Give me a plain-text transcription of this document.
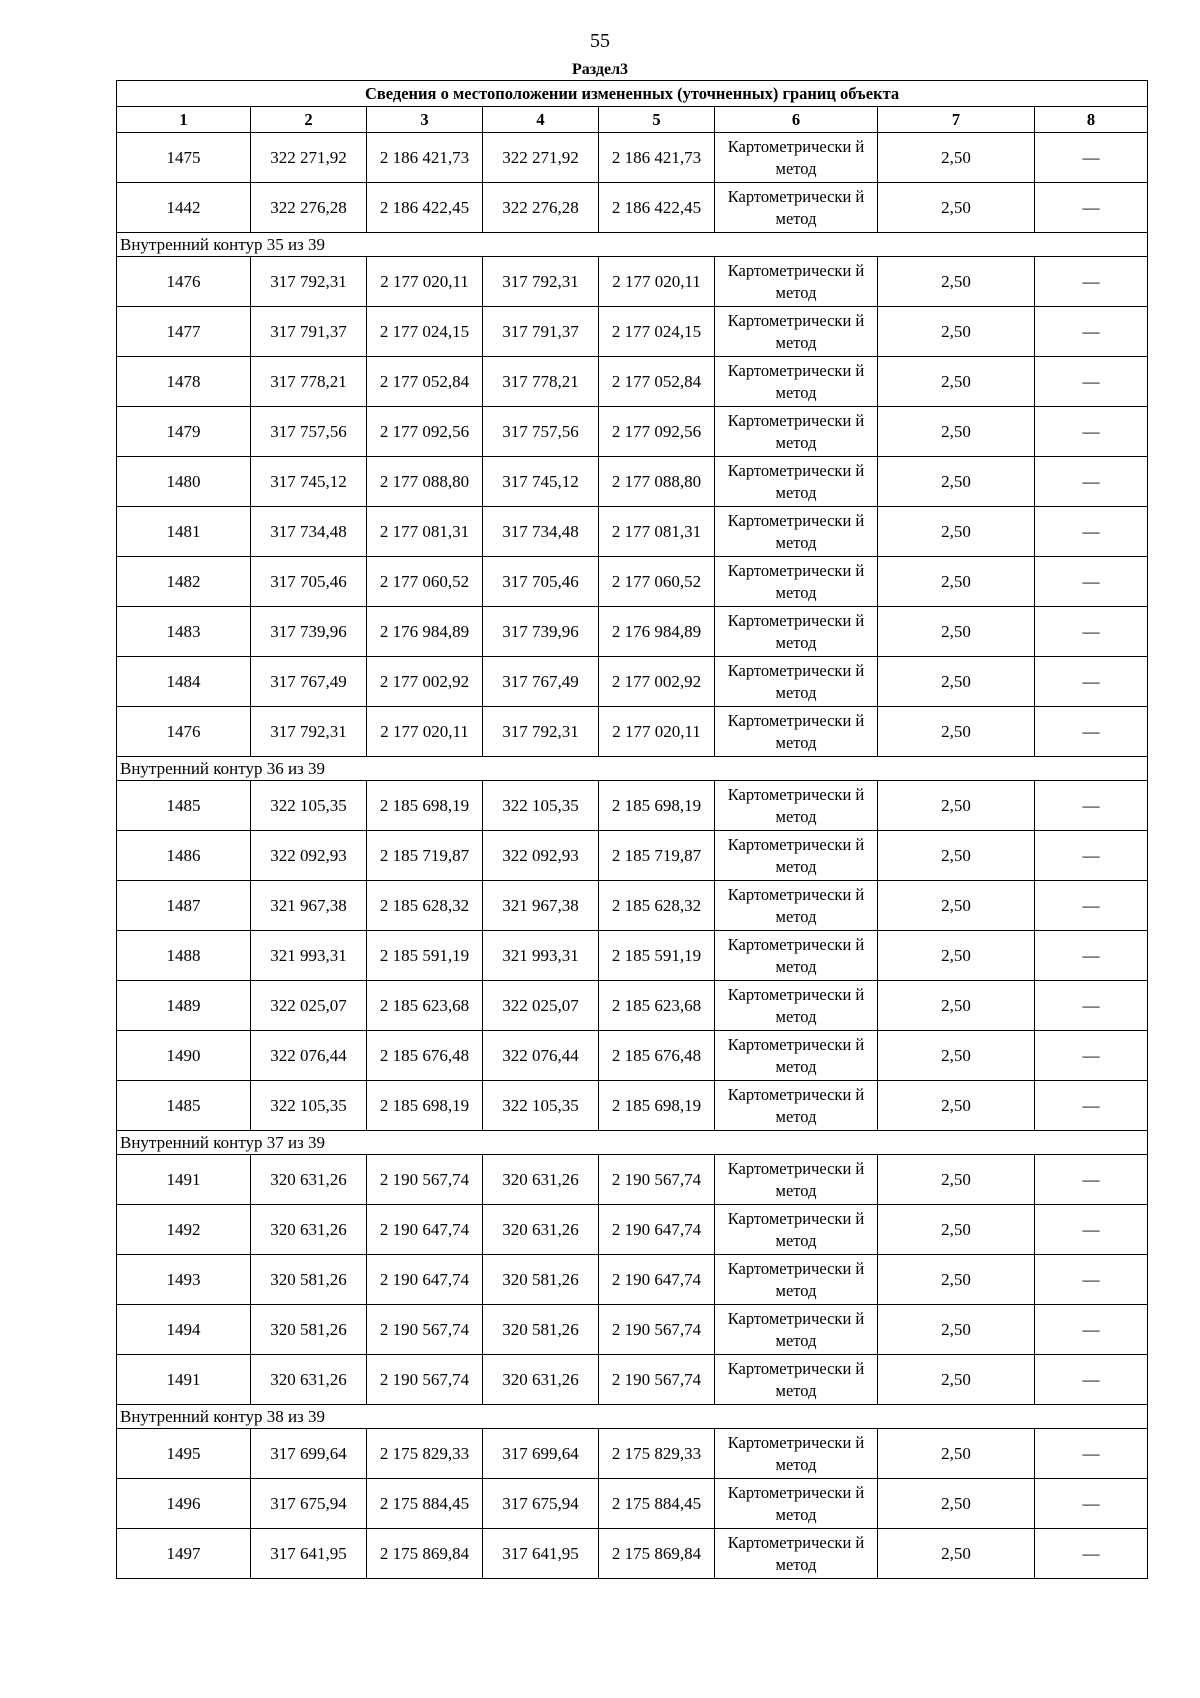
55
Раздел3
Сведения о местоположении измененных (уточненных) границ объекта							
1	2	3	4	5	6	7	8
1475	322 271,92	2 186 421,73	322 271,92	2 186 421,73	Картометрически й метод	2,50	—
1442	322 276,28	2 186 422,45	322 276,28	2 186 422,45	Картометрически й метод	2,50	—
Внутренний контур 35 из 39							
1476	317 792,31	2 177 020,11	317 792,31	2 177 020,11	Картометрически й метод	2,50	—
1477	317 791,37	2 177 024,15	317 791,37	2 177 024,15	Картометрически й метод	2,50	—
1478	317 778,21	2 177 052,84	317 778,21	2 177 052,84	Картометрически й метод	2,50	—
1479	317 757,56	2 177 092,56	317 757,56	2 177 092,56	Картометрически й метод	2,50	—
1480	317 745,12	2 177 088,80	317 745,12	2 177 088,80	Картометрически й метод	2,50	—
1481	317 734,48	2 177 081,31	317 734,48	2 177 081,31	Картометрически й метод	2,50	—
1482	317 705,46	2 177 060,52	317 705,46	2 177 060,52	Картометрически й метод	2,50	—
1483	317 739,96	2 176 984,89	317 739,96	2 176 984,89	Картометрически й метод	2,50	—
1484	317 767,49	2 177 002,92	317 767,49	2 177 002,92	Картометрически й метод	2,50	—
1476	317 792,31	2 177 020,11	317 792,31	2 177 020,11	Картометрически й метод	2,50	—
Внутренний контур 36 из 39							
1485	322 105,35	2 185 698,19	322 105,35	2 185 698,19	Картометрически й метод	2,50	—
1486	322 092,93	2 185 719,87	322 092,93	2 185 719,87	Картометрически й метод	2,50	—
1487	321 967,38	2 185 628,32	321 967,38	2 185 628,32	Картометрически й метод	2,50	—
1488	321 993,31	2 185 591,19	321 993,31	2 185 591,19	Картометрически й метод	2,50	—
1489	322 025,07	2 185 623,68	322 025,07	2 185 623,68	Картометрически й метод	2,50	—
1490	322 076,44	2 185 676,48	322 076,44	2 185 676,48	Картометрически й метод	2,50	—
1485	322 105,35	2 185 698,19	322 105,35	2 185 698,19	Картометрически й метод	2,50	—
Внутренний контур 37 из 39							
1491	320 631,26	2 190 567,74	320 631,26	2 190 567,74	Картометрически й метод	2,50	—
1492	320 631,26	2 190 647,74	320 631,26	2 190 647,74	Картометрически й метод	2,50	—
1493	320 581,26	2 190 647,74	320 581,26	2 190 647,74	Картометрически й метод	2,50	—
1494	320 581,26	2 190 567,74	320 581,26	2 190 567,74	Картометрически й метод	2,50	—
1491	320 631,26	2 190 567,74	320 631,26	2 190 567,74	Картометрически й метод	2,50	—
Внутренний контур 38 из 39							
1495	317 699,64	2 175 829,33	317 699,64	2 175 829,33	Картометрически й метод	2,50	—
1496	317 675,94	2 175 884,45	317 675,94	2 175 884,45	Картометрически й метод	2,50	—
1497	317 641,95	2 175 869,84	317 641,95	2 175 869,84	Картометрически й метод	2,50	—
